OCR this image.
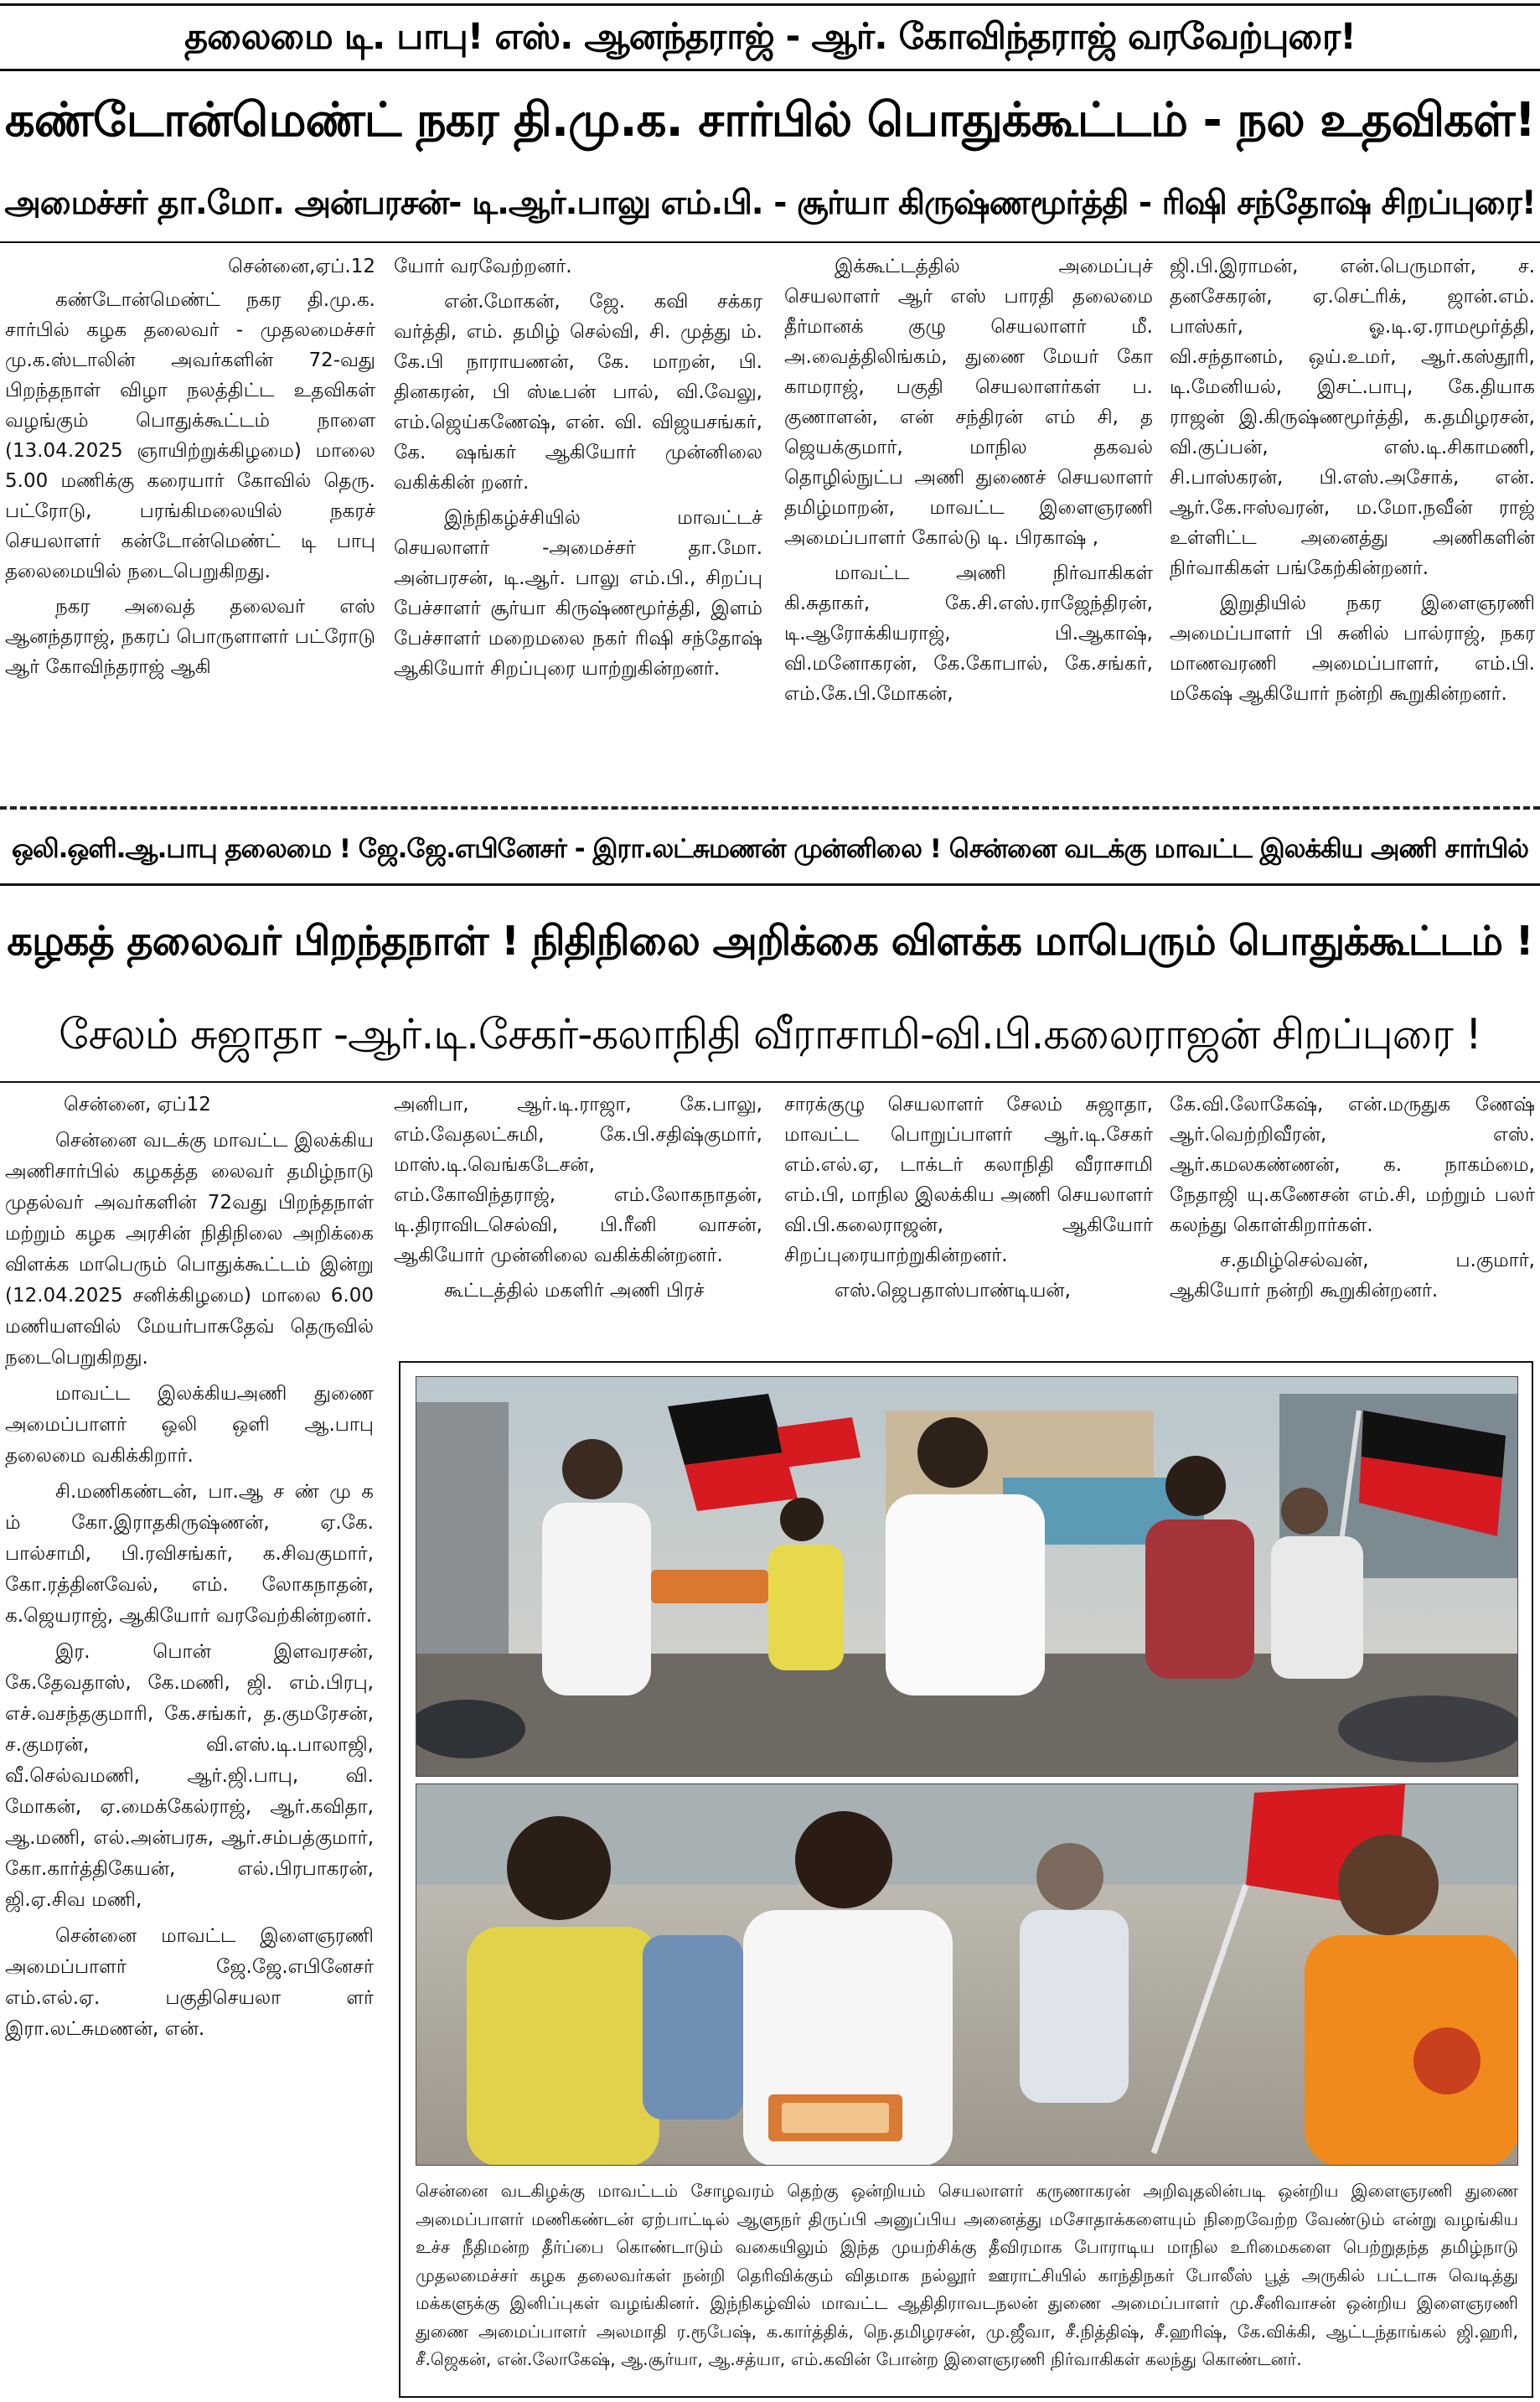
தலைமை டி. பாபு! எஸ். ஆனந்தராஜ் - ஆர். கோவிந்தராஜ் வரவேற்புரை!
கண்டோன்மெண்ட் நகர தி.மு.க. சார்பில் பொதுக்கூட்டம் - நல உதவிகள்!
அமைச்சர் தா.மோ. அன்பரசன்- டி.ஆர்.பாலு எம்.பி. - சூர்யா கிருஷ்ணமூர்த்தி - ரிஷி சந்தோஷ் சிறப்புரை!

சென்னை,ஏப்.12

கண்டோன்மெண்ட் நகர தி.மு.க. சார்பில் கழக தலைவர் - முதலமைச்சர் மு.க.ஸ்டாலின் அவர்களின் 72-வது பிறந்தநாள் விழா நலத்திட்ட உதவிகள் வழங்கும் பொதுக்கூட்டம் நாளை (13.04.2025 ஞாயிற்றுக்கிழமை) மாலை 5.00 மணிக்கு கரையார் கோவில் தெரு. பட்ரோடு, பரங்கிமலையில் நகரச் செயலாளர் கன்டோன்மெண்ட் டி பாபு தலைமையில் நடைபெறுகிறது.

நகர அவைத் தலைவர் எஸ் ஆனந்தராஜ், நகரப் பொருளாளர் பட்ரோடு ஆர் கோவிந்தராஜ் ஆகி

யோர் வரவேற்றனர்.

என்.மோகன், ஜே. கவி சக்கர வர்த்தி, எம். தமிழ் செல்வி, சி. முத்து ம். கே.பி நாராயணன், கே. மாறன், பி. தினகரன், பி ஸ்டீபன் பால், வி.வேலு, எம்.ஜெய்கணேஷ், என். வி. விஜயசங்கர், கே. ஷங்கர் ஆகியோர் முன்னிலை வகிக்கின் றனர்.

இந்நிகழ்ச்சியில் மாவட்டச் செயலாளர் -அமைச்சர் தா.மோ. அன்பரசன், டி.ஆர். பாலு எம்.பி., சிறப்பு பேச்சாளர் சூர்யா கிருஷ்ணமூர்த்தி, இளம் பேச்சாளர் மறைமலை நகர் ரிஷி சந்தோஷ் ஆகியோர் சிறப்புரை யாற்றுகின்றனர்.

இக்கூட்டத்தில் அமைப்புச் செயலாளர் ஆர் எஸ் பாரதி தலைமை தீர்மானக் குழு செயலாளர் மீ. அ.வைத்திலிங்கம், துணை மேயர் கோ காமராஜ், பகுதி செயலாளர்கள் ப. குணாளன், என் சந்திரன் எம் சி, த ஜெயக்குமார், மாநில தகவல் தொழில்நுட்ப அணி துணைச் செயலாளர் தமிழ்மாறன், மாவட்ட இளைஞரணி அமைப்பாளர் கோல்டு டி. பிரகாஷ் ,

மாவட்ட அணி நிர்வாகிகள் கி.சுதாகர், கே.சி.எஸ்.ராஜேந்திரன், டி.ஆரோக்கியராஜ், பி.ஆகாஷ், வி.மனோகரன், கே.கோபால், கே.சங்கர், எம்.கே.பி.மோகன்,

ஜி.பி.இராமன், என்.பெருமாள், ச. தனசேகரன், ஏ.செட்ரிக், ஜான்.எம். பாஸ்கர், ஓ.டி.ஏ.ராமமூர்த்தி, வி.சந்தானம், ஒய்.உமர், ஆர்.கஸ்தூரி, டி.மேனியல், இசட்.பாபு, கே.தியாக ராஜன் இ.கிருஷ்ணமூர்த்தி, க.தமிழரசன், வி.குப்பன், எஸ்.டி.சிகாமணி, சி.பாஸ்கரன், பி.எஸ்.அசோக், என். ஆர்.கே.ஈஸ்வரன், ம.மோ.நவீன் ராஜ் உள்ளிட்ட அனைத்து அணிகளின் நிர்வாகிகள் பங்கேற்கின்றனர்.

இறுதியில் நகர இளைஞரணி அமைப்பாளர் பி சுனில் பால்ராஜ், நகர மாணவரணி அமைப்பாளர், எம்.பி. மகேஷ் ஆகியோர் நன்றி கூறுகின்றனர்.

ஒலி.ஒளி.ஆ.பாபு தலைமை ! ஜே.ஜே.எபினேசர் - இரா.லட்சுமணன் முன்னிலை ! சென்னை வடக்கு மாவட்ட இலக்கிய அணி சார்பில்
கழகத் தலைவர் பிறந்தநாள் ! நிதிநிலை அறிக்கை விளக்க மாபெரும் பொதுக்கூட்டம் !
சேலம் சுஜாதா -ஆர்.டி.சேகர்-கலாநிதி வீராசாமி-வி.பி.கலைராஜன் சிறப்புரை !

சென்னை, ஏப்12

சென்னை வடக்கு மாவட்ட இலக்கிய அணிசார்பில் கழகத்த லைவர் தமிழ்நாடு முதல்வர் அவர்களின் 72வது பிறந்தநாள் மற்றும் கழக அரசின் நிதிநிலை அறிக்கை விளக்க மாபெரும் பொதுக்கூட்டம் இன்று (12.04.2025 சனிக்கிழமை) மாலை 6.00 மணியளவில் மேயர்பாசுதேவ் தெருவில் நடைபெறுகிறது.

மாவட்ட இலக்கியஅணி துணை அமைப்பாளர் ஒலி ஒளி ஆ.பாபு தலைமை வகிக்கிறார்.

சி.மணிகண்டன், பா.ஆ ச ண் மு க ம் கோ.இராதகிருஷ்ணன், ஏ.கே. பால்சாமி, பி.ரவிசங்கர், க.சிவகுமார், கோ.ரத்தினவேல், எம். லோகநாதன், க.ஜெயராஜ், ஆகியோர் வரவேற்கின்றனர்.

இர. பொன் இளவரசன், கே.தேவதாஸ், கே.மணி, ஜி. எம்.பிரபு, எச்.வசந்தகுமாரி, கே.சங்கர், த.குமரேசன், ச.குமரன், வி.எஸ்.டி.பாலாஜி, வீ.செல்வமணி, ஆர்.ஜி.பாபு, வி. மோகன், ஏ.மைக்கேல்ராஜ், ஆர்.கவிதா, ஆ.மணி, எல்.அன்பரசு, ஆர்.சம்பத்குமார், கோ.கார்த்திகேயன், எல்.பிரபாகரன், ஜி.ஏ.சிவ மணி,

சென்னை மாவட்ட இளைஞரணி அமைப்பாளர் ஜே.ஜே.எபினேசர் எம்.எல்.ஏ. பகுதிசெயலா ளர் இரா.லட்சுமணன், என்.

அனிபா, ஆர்.டி.ராஜா, கே.பாலு, எம்.வேதலட்சுமி, கே.பி.சதிஷ்குமார், மாஸ்.டி.வெங்கடேசன், எம்.கோவிந்தராஜ், எம்.லோகநாதன், டி.திராவிடசெல்வி, பி.ரீனி வாசன், ஆகியோர் முன்னிலை வகிக்கின்றனர்.

கூட்டத்தில் மகளிர் அணி பிரச்

சாரக்குழு செயலாளர் சேலம் சுஜாதா, மாவட்ட பொறுப்பாளர் ஆர்.டி.சேகர் எம்.எல்.ஏ, டாக்டர் கலாநிதி வீராசாமி எம்.பி, மாநில இலக்கிய அணி செயலாளர் வி.பி.கலைராஜன், ஆகியோர் சிறப்புரையாற்றுகின்றனர்.

எஸ்.ஜெபதாஸ்பாண்டியன்,

கே.வி.லோகேஷ், என்.மருதுக ணேஷ் ஆர்.வெற்றிவீரன், எஸ். ஆர்.கமலகண்ணன், க. நாகம்மை, நேதாஜி யு.கணேசன் எம்.சி, மற்றும் பலர் கலந்து கொள்கிறார்கள்.

ச.தமிழ்செல்வன், ப.குமார், ஆகியோர் நன்றி கூறுகின்றனர்.

சென்னை வடகிழக்கு மாவட்டம் சோழவரம் தெற்கு ஒன்றியம் செயலாளர் கருணாகரன் அறிவுதலின்படி ஒன்றிய இளைஞரணி துணை அமைப்பாளர் மணிகண்டன் ஏற்பாட்டில் ஆளுநர் திருப்பி அனுப்பிய அனைத்து மசோதாக்களையும் நிறைவேற்ற வேண்டும் என்று வழங்கிய உச்ச நீதிமன்ற தீர்ப்பை கொண்டாடும் வகையிலும் இந்த முயற்சிக்கு தீவிரமாக போராடிய மாநில உரிமைகளை பெற்றுதந்த தமிழ்நாடு முதலமைச்சர் கழக தலைவர்கள் நன்றி தெரிவிக்கும் விதமாக நல்லூர் ஊராட்சியில் காந்திநகர் போலீஸ் பூத் அருகில் பட்டாசு வெடித்து மக்களுக்கு இனிப்புகள் வழங்கினர். இந்நிகழ்வில் மாவட்ட ஆதிதிராவடநலன் துணை அமைப்பாளர் மு.சீனிவாசன் ஒன்றிய இளைஞரணி துணை அமைப்பாளர் அலமாதி ர.ரூபேஷ், க.கார்த்திக், நெ.தமிழரசன், மு.ஜீவா, சீ.நித்திஷ், சீ.ஹரிஷ், கே.விக்கி, ஆட்டந்தாங்கல் ஜி.ஹரி, சீ.ஜெகன், என்.லோகேஷ், ஆ.சூர்யா, ஆ.சத்யா, எம்.கவின் போன்ற இளைஞரணி நிர்வாகிகள் கலந்து கொண்டனர்.
